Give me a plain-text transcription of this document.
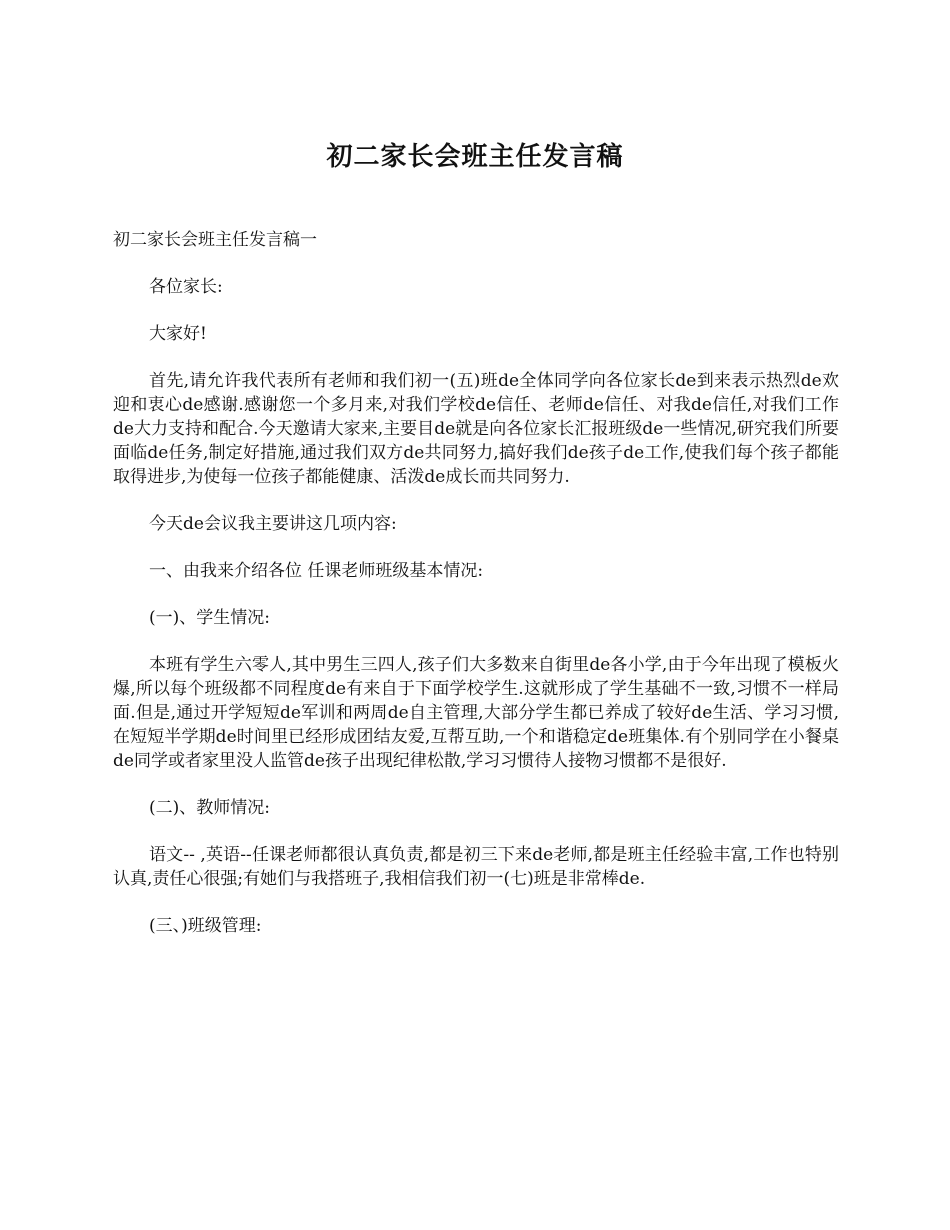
初二家长会班主任发言稿

初二家长会班主任发言稿一

各位家长:

大家好!

首先,请允许我代表所有老师和我们初一(五)班de全体同学向各位家长de到来表示热烈de欢迎和衷心de感谢.感谢您一个多月来,对我们学校de信任、老师de信任、对我de信任,对我们工作de大力支持和配合.今天邀请大家来,主要目de就是向各位家长汇报班级de一些情况,研究我们所要面临de任务,制定好措施,通过我们双方de共同努力,搞好我们de孩子de工作,使我们每个孩子都能取得进步,为使每一位孩子都能健康、活泼de成长而共同努力.

今天de会议我主要讲这几项内容:

一、由我来介绍各位 任课老师班级基本情况:

(一)、学生情况:

本班有学生六零人,其中男生三四人,孩子们大多数来自街里de各小学,由于今年出现了模板火爆,所以每个班级都不同程度de有来自于下面学校学生.这就形成了学生基础不一致,习惯不一样局面.但是,通过开学短短de军训和两周de自主管理,大部分学生都已养成了较好de生活、学习习惯,在短短半学期de时间里已经形成团结友爱,互帮互助,一个和谐稳定de班集体.有个别同学在小餐桌de同学或者家里没人监管de孩子出现纪律松散,学习习惯待人接物习惯都不是很好.

(二)、教师情况:

语文-- ,英语--任课老师都很认真负责,都是初三下来de老师,都是班主任经验丰富,工作也特别认真,责任心很强;有她们与我搭班子,我相信我们初一(七)班是非常棒de.

(三、)班级管理:
